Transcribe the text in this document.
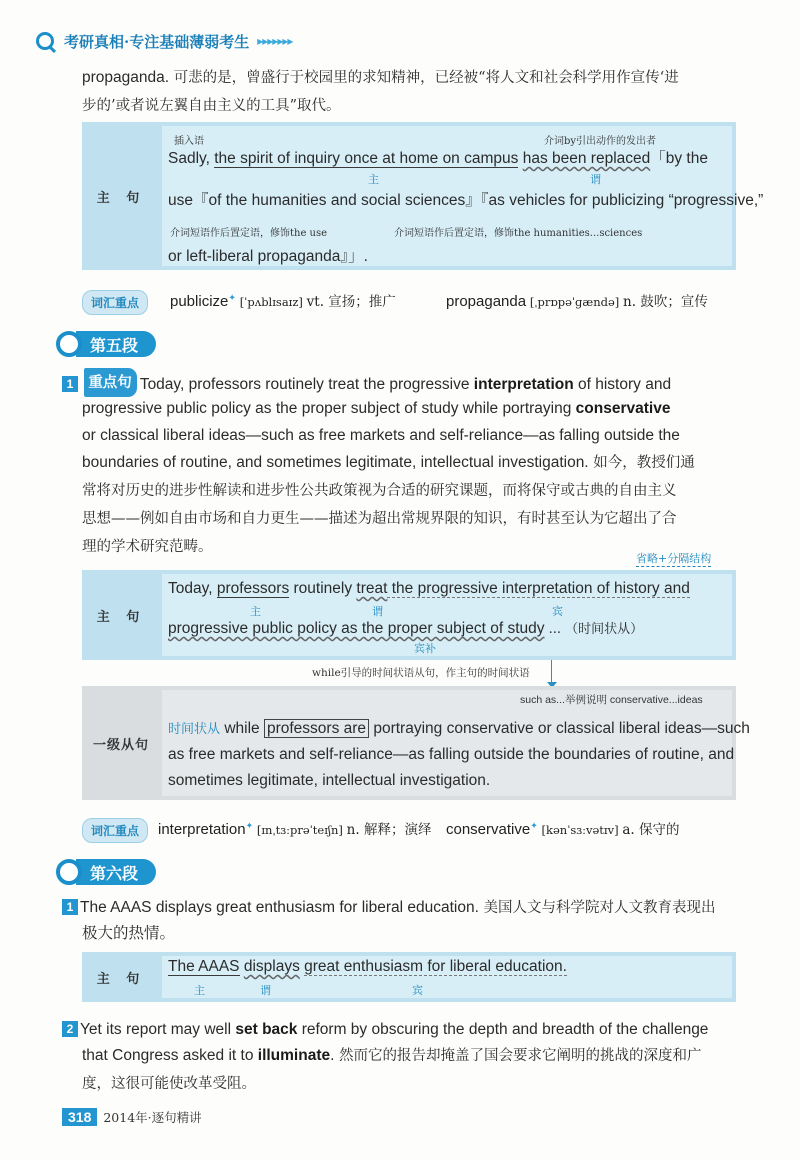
考研真相·专注基础薄弱考生 ▸▸▸▸▸▸▸

propaganda. 可悲的是，曾盛行于校园里的求知精神，已经被“将人文和社会科学用作宣传‘进
步的’或者说左翼自由主义的工具”取代。

主 句
插入语	介词by引出动作的发出者
Sadly, the spirit of inquiry once at home on campus has been replaced「by the
主	谓
use『of the humanities and social sciences』『as vehicles for publicizing “progressive,”
介词短语作后置定语，修饰the use	介词短语作后置定语，修饰the humanities...sciences
or left-liberal propaganda』」.
词汇重点	publicize✦ [ˈpʌblɪsaɪz] vt. 宣扬；推广	propaganda [ˌprɒpəˈɡændə] n. 鼓吹；宣传
第五段

1 重点句 Today, professors routinely treat the progressive interpretation of history and

progressive public policy as the proper subject of study while portraying conservative
or classical liberal ideas—such as free markets and self-reliance—as falling outside the
boundaries of routine, and sometimes legitimate, intellectual investigation. 如今，教授们通
常将对历史的进步性解读和进步性公共政策视为合适的研究课题，而将保守或古典的自由主义
思想——例如自由市场和自力更生——描述为超出常规界限的知识，有时甚至认为它超出了合
理的学术研究范畴。

省略+分隔结构
主 句
Today, professors routinely treat the progressive interpretation of history and
主	谓	宾
progressive public policy as the proper subject of study ... （时间状从）
宾补
while引导的时间状语从句，作主句的时间状语
一级从句
such as...举例说明 conservative...ideas
时间状从 while professors are portraying conservative or classical liberal ideas—such
as free markets and self-reliance—as falling outside the boundaries of routine, and
sometimes legitimate, intellectual investigation.
词汇重点	interpretation✦ [ɪnˌtɜːprəˈteɪʃn] n. 解释；演绎 conservative✦ [kənˈsɜːvətɪv] a. 保守的
第六段

1 The AAAS displays great enthusiasm for liberal education. 美国人文与科学院对人文教育表现出

极大的热情。

主 句
The AAAS displays great enthusiasm for liberal education.
主	谓	宾

2 Yet its report may well set back reform by obscuring the depth and breadth of the challenge

that Congress asked it to illuminate. 然而它的报告却掩盖了国会要求它阐明的挑战的深度和广
度，这很可能使改革受阻。

318 2014年·逐句精讲
